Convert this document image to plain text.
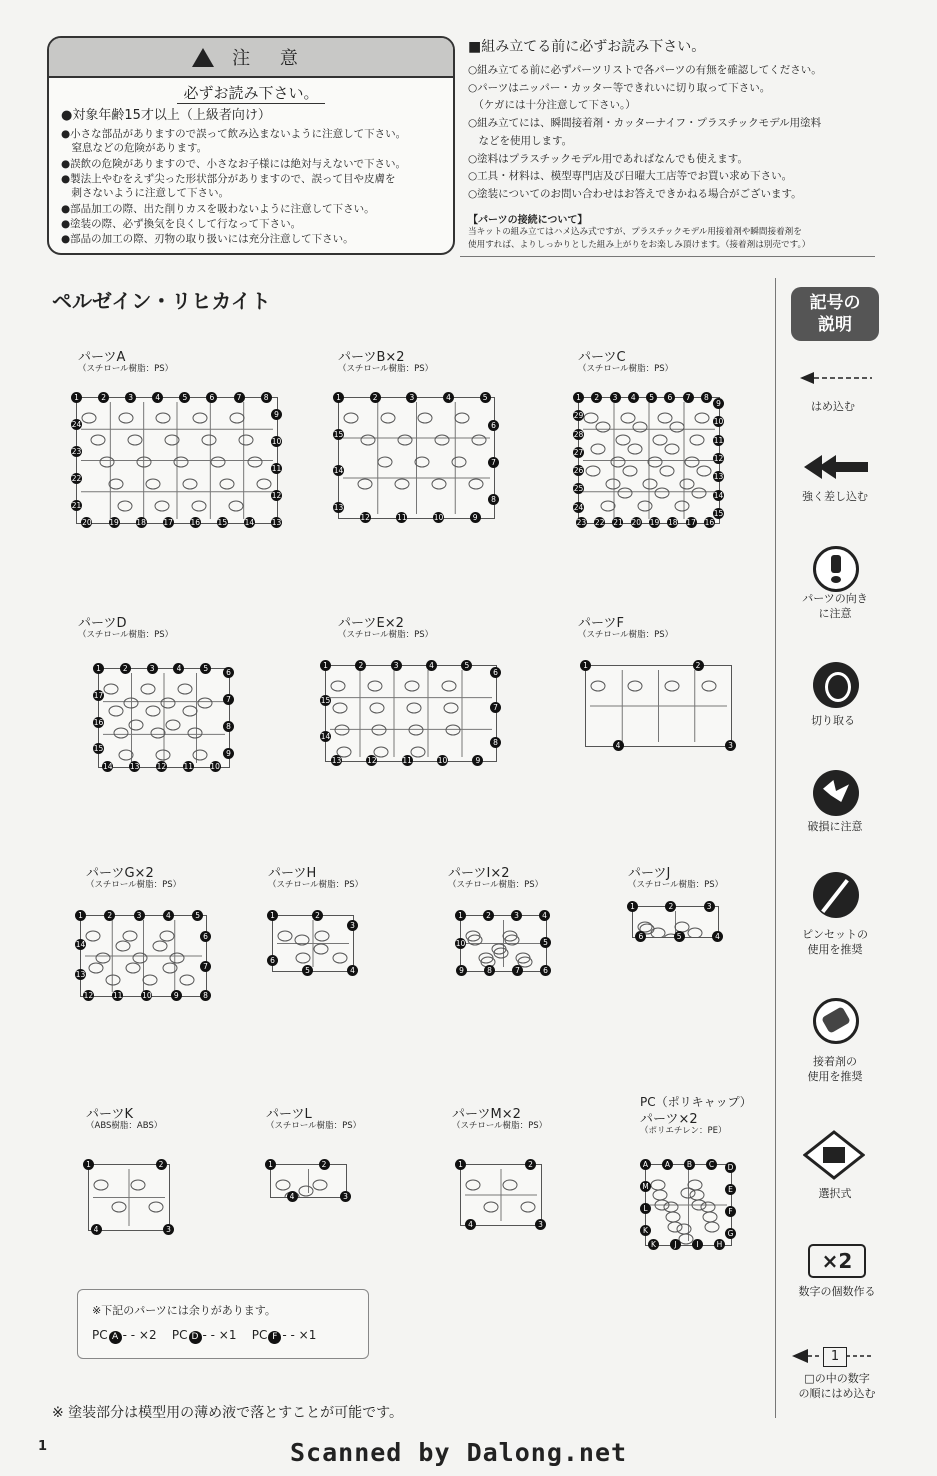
注 意
必ずお読み下さい。
●対象年齢15才以上（上級者向け）
●小さな部品がありますので誤って飲み込まないように注意して下さい。
　窒息などの危険があります。
●誤飲の危険がありますので、小さなお子様には絶対与えないで下さい。
●製法上やむをえず尖った形状部分がありますので、誤って目や皮膚を
　刺さないように注意して下さい。
●部品加工の際、出た削りカスを吸わないように注意して下さい。
●塗装の際、必ず換気を良くして行なって下さい。
●部品の加工の際、刃物の取り扱いには充分注意して下さい。
■組み立てる前に必ずお読み下さい。
○組み立てる前に必ずパーツリストで各パーツの有無を確認してください。
○パーツはニッパー・カッター等できれいに切り取って下さい。
　（ケガには十分注意して下さい。）
○組み立てには、瞬間接着剤・カッターナイフ・プラスチックモデル用塗料
　などを使用します。
○塗料はプラスチックモデル用であればなんでも使えます。
○工具・材料は、模型専門店及び日曜大工店等でお買い求め下さい。
○塗装についてのお問い合わせはお答えできかねる場合がございます。
【パーツの接続について】
当キットの組み立てはハメ込み式ですが、プラスチックモデル用接着剤や瞬間接着剤を
使用すれば、よりしっかりとした組み上がりをお楽しみ頂けます。（接着剤は別売です。）
ペルゼイン・リヒカイト
パーツA
（スチロール樹脂：PS）
1	2	3	4	5	6	7	8
9
10
11
12
13
14
15
16
17
18
19
20
21
22
23
24
パーツB×2
（スチロール樹脂：PS）
1	2	3	4	5
6
7
8
9
10
11
12
13
14
15
パーツC
（スチロール樹脂：PS）
1	2	3	4	5	6	7	8
9
10
11
12
13
14
15
16
17
18
19
20
21
22
23
24
25
26
27
28
29
パーツD
（スチロール樹脂：PS）
1	2	3	4	5	6
7
8
9
10
11
12
13
14
15
16
17
パーツE×2
（スチロール樹脂：PS）
1	2	3	4	5
6
7
8
9
10
11
12
13
14
15
パーツF
（スチロール樹脂：PS）
1	2
3
4
パーツG×2
（スチロール樹脂：PS）
1	2	3	4	5
6
7
8
9
10
11
12
13
14
パーツH
（スチロール樹脂：PS）
1	2
3
4
5
6
パーツI×2
（スチロール樹脂：PS）
1	2	3	4
5
6
7
8
9
10
パーツJ
（スチロール樹脂：PS）
1	2	3
4
5
6
パーツK
（ABS樹脂：ABS）
1	2
3
4
パーツL
（スチロール樹脂：PS）
1	2
3
4
パーツM×2
（スチロール樹脂：PS）
1	2
3
4
パーツ×2
（ポリエチレン：PE）
A	A	B	C	D
E
F
G
H
I
J
K
K
L
M
PC（ポリキャップ）
記号の
説明
×2
1
はめ込む
強く差し込む
パーツの向き
に注意
切り取る
破損に注意
ピンセットの
使用を推奨
接着剤の
使用を推奨
選択式
数字の個数作る
□の中の数字
の順にはめ込む
※下記のパーツには余りがあります。
PC A - - ×2 PC D - - ×1 PC F - - ×1
※ 塗装部分は模型用の薄め液で落とすことが可能です。
1	Scanned by Dalong.net
